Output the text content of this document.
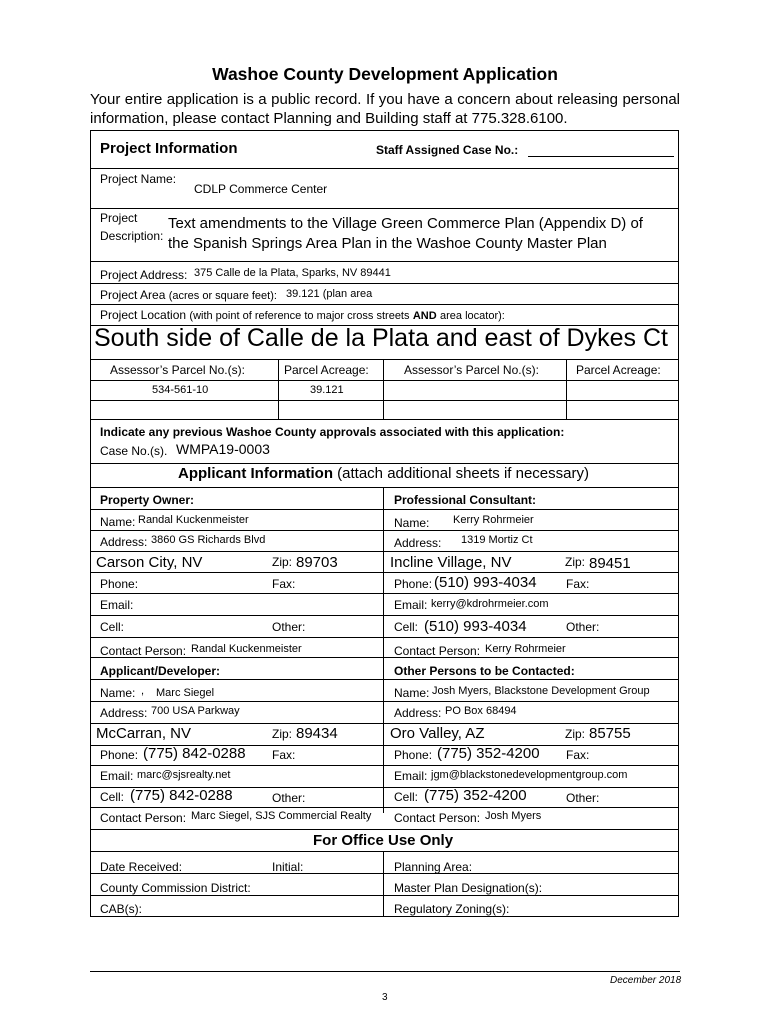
Washoe County Development Application
Your entire application is a public record. If you have a concern about releasing personal information, please contact Planning and Building staff at 775.328.6100.
Project Information	Staff Assigned Case No.:
Project Name:
CDLP Commerce Center
Project
Description:
Text amendments to the Village Green Commerce Plan (Appendix D) of
the Spanish Springs Area Plan in the Washoe County Master Plan
Project Address: 375 Calle de la Plata, Sparks, NV 89441
Project Area (acres or square feet): 39.121 (plan area
Project Location (with point of reference to major cross streets AND area locator):
South side of Calle de la Plata and east of Dykes Ct
Assessor’s Parcel No.(s):	Parcel Acreage:	Assessor’s Parcel No.(s):	Parcel Acreage:
534-561-10	39.121
Indicate any previous Washoe County approvals associated with this application:
Case No.(s). WMPA19-0003
Applicant Information (attach additional sheets if necessary)
Property Owner:
Name: Randal Kuckenmeister
Address: 3860 GS Richards Blvd
Carson City, NV	Zip: 89703
Phone:	Fax:
Email:
Cell:	Other:
Contact Person: Randal Kuckenmeister
Professional Consultant:
Name: Kerry Rohrmeier
Address: 1319 Mortiz Ct
Incline Village, NV	Zip: 89451
Phone: (510) 993-4034 Fax:
Email: kerry@kdrohrmeier.com
Cell: (510) 993-4034	Other:
Contact Person: Kerry Rohrmeier
Applicant/Developer:
Name: , Marc Siegel
Address: 700 USA Parkway
McCarran, NV	Zip: 89434
Phone: (775) 842-0288 Fax:
Email: marc@sjsrealty.net
Cell: (775) 842-0288	Other:
Contact Person: Marc Siegel, SJS Commercial Realty
Other Persons to be Contacted:
Name: Josh Myers, Blackstone Development Group
Address: PO Box 68494
Oro Valley, AZ	Zip: 85755
Phone: (775) 352-4200 Fax:
Email: jgm@blackstonedevelopmentgroup.com
Cell: (775) 352-4200	Other:
Contact Person: Josh Myers
For Office Use Only
Date Received:	Initial:	Planning Area:
County Commission District:	Master Plan Designation(s):
CAB(s):	Regulatory Zoning(s):
December 2018
3
